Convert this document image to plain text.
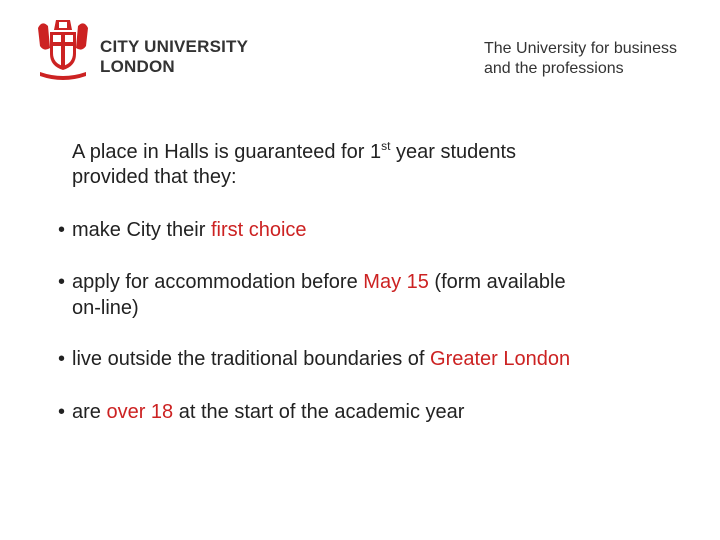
CITY UNIVERSITY
LONDON
The University for business
and the professions
A place in Halls is guaranteed for 1st year students
provided that they:
• make City their first choice
• apply for accommodation before May 15 (form available
on-line)
• live outside the traditional boundaries of Greater London
• are over 18 at the start of the academic year
